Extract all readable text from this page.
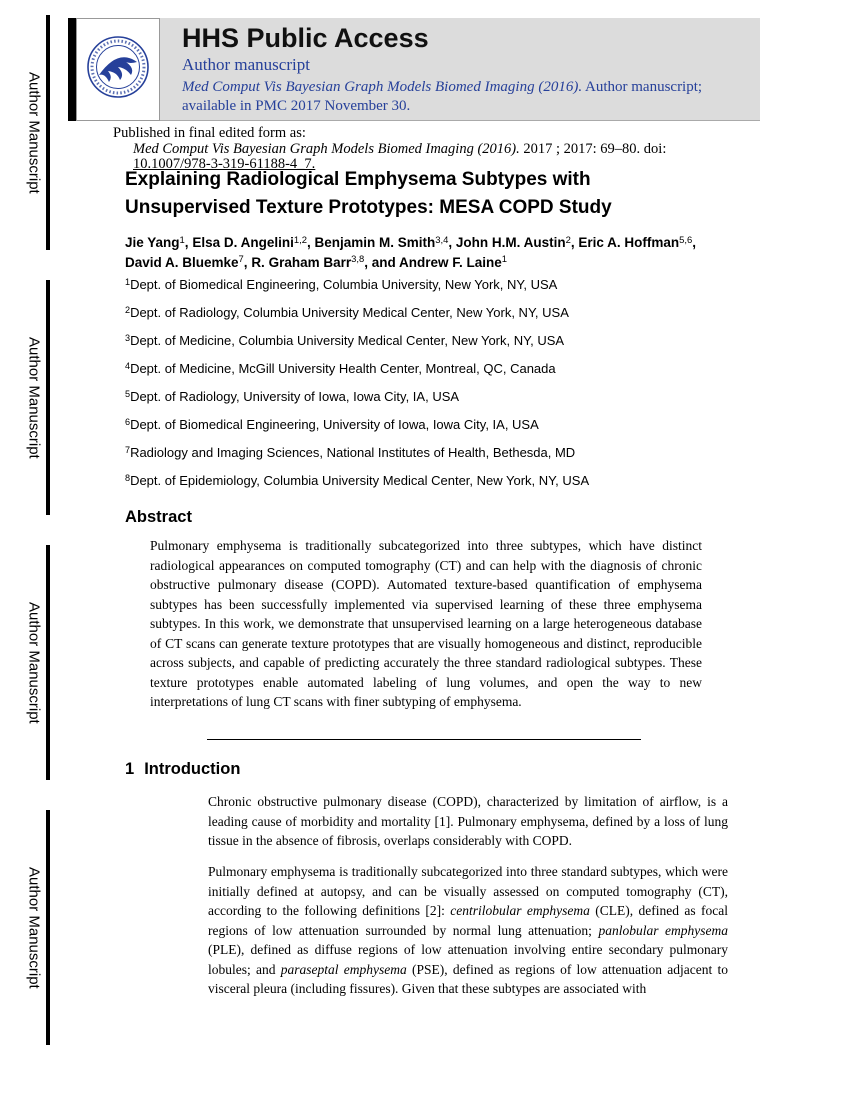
Author Manuscript
Author Manuscript
Author Manuscript
Author Manuscript
HHS Public Access
Author manuscript
Med Comput Vis Bayesian Graph Models Biomed Imaging (2016). Author manuscript; available in PMC 2017 November 30.
Published in final edited form as:
Med Comput Vis Bayesian Graph Models Biomed Imaging (2016). 2017 ; 2017: 69–80. doi:
10.1007/978-3-319-61188-4_7.
Explaining Radiological Emphysema Subtypes with Unsupervised Texture Prototypes: MESA COPD Study
Jie Yang$^1$, Elsa D. Angelini$^{1,2}$, Benjamin M. Smith$^{3,4}$, John H.M. Austin$^2$, Eric A. Hoffman$^{5,6}$, David A. Bluemke$^7$, R. Graham Barr$^{3,8}$, and Andrew F. Laine$^1$
$^1$Dept. of Biomedical Engineering, Columbia University, New York, NY, USA
$^2$Dept. of Radiology, Columbia University Medical Center, New York, NY, USA
$^3$Dept. of Medicine, Columbia University Medical Center, New York, NY, USA
$^4$Dept. of Medicine, McGill University Health Center, Montreal, QC, Canada
$^5$Dept. of Radiology, University of Iowa, Iowa City, IA, USA
$^6$Dept. of Biomedical Engineering, University of Iowa, Iowa City, IA, USA
$^7$Radiology and Imaging Sciences, National Institutes of Health, Bethesda, MD
$^8$Dept. of Epidemiology, Columbia University Medical Center, New York, NY, USA
Abstract
Pulmonary emphysema is traditionally subcategorized into three subtypes, which have distinct radiological appearances on computed tomography (CT) and can help with the diagnosis of chronic obstructive pulmonary disease (COPD). Automated texture-based quantification of emphysema subtypes has been successfully implemented via supervised learning of these three emphysema subtypes. In this work, we demonstrate that unsupervised learning on a large heterogeneous database of CT scans can generate texture prototypes that are visually homogeneous and distinct, reproducible across subjects, and capable of predicting accurately the three standard radiological subtypes. These texture prototypes enable automated labeling of lung volumes, and open the way to new interpretations of lung CT scans with finer subtyping of emphysema.
1 Introduction
Chronic obstructive pulmonary disease (COPD), characterized by limitation of airflow, is a leading cause of morbidity and mortality [1]. Pulmonary emphysema, defined by a loss of lung tissue in the absence of fibrosis, overlaps considerably with COPD.
Pulmonary emphysema is traditionally subcategorized into three standard subtypes, which were initially defined at autopsy, and can be visually assessed on computed tomography (CT), according to the following definitions [2]: centrilobular emphysema (CLE), defined as focal regions of low attenuation surrounded by normal lung attenuation; panlobular emphysema (PLE), defined as diffuse regions of low attenuation involving entire secondary pulmonary lobules; and paraseptal emphysema (PSE), defined as regions of low attenuation adjacent to visceral pleura (including fissures). Given that these subtypes are associated with
